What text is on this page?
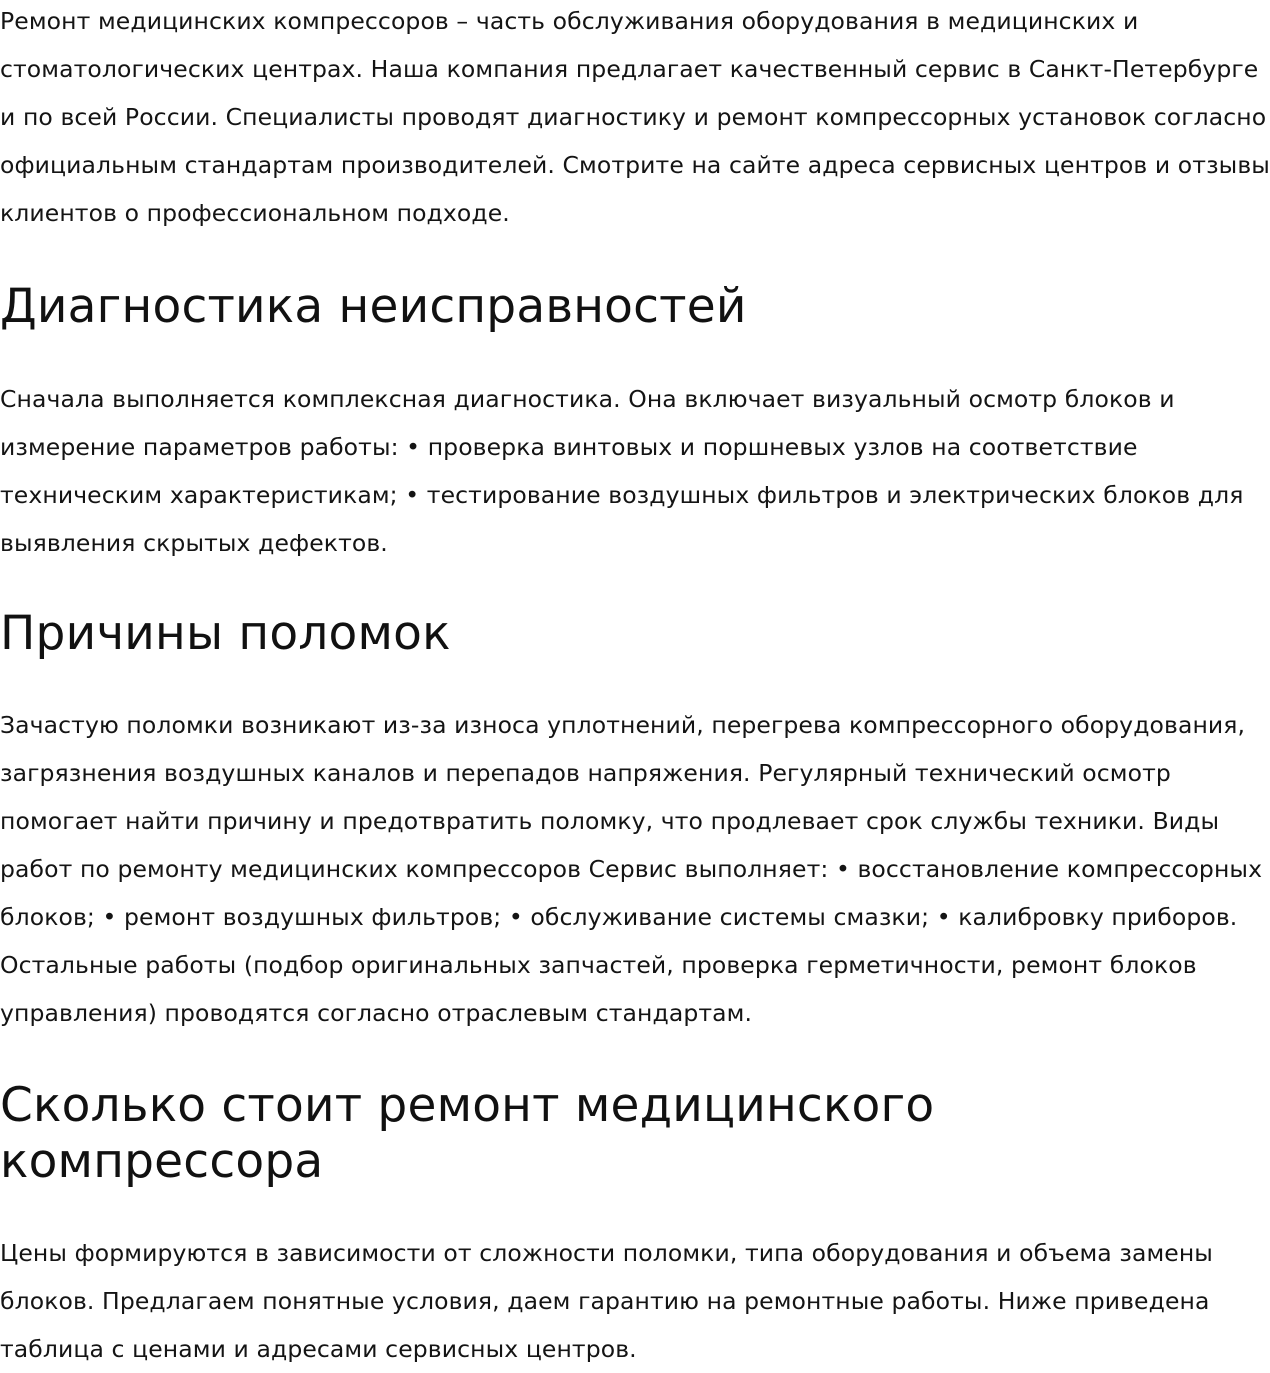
Ремонт медицинских компрессоров – часть обслуживания оборудования в медицинских и стоматологических центрах. Наша компания предлагает качественный сервис в Санкт-Петербурге и по всей России. Специалисты проводят диагностику и ремонт компрессорных установок согласно официальным стандартам производителей. Смотрите на сайте адреса сервисных центров и отзывы клиентов о профессиональном подходе.

Диагностика неисправностей

Сначала выполняется комплексная диагностика. Она включает визуальный осмотр блоков и измерение параметров работы: • проверка винтовых и поршневых узлов на соответствие техническим характеристикам; • тестирование воздушных фильтров и электрических блоков для выявления скрытых дефектов.

Причины поломок

Зачастую поломки возникают из-за износа уплотнений, перегрева компрессорного оборудования, загрязнения воздушных каналов и перепадов напряжения. Регулярный технический осмотр помогает найти причину и предотвратить поломку, что продлевает срок службы техники. Виды работ по ремонту медицинских компрессоров Сервис выполняет: • восстановление компрессорных блоков; • ремонт воздушных фильтров; • обслуживание системы смазки; • калибровку приборов. Остальные работы (подбор оригинальных запчастей, проверка герметичности, ремонт блоков управления) проводятся согласно отраслевым стандартам.

Сколько стоит ремонт медицинского компрессора

Цены формируются в зависимости от сложности поломки, типа оборудования и объема замены блоков. Предлагаем понятные условия, даем гарантию на ремонтные работы. Ниже приведена таблица с ценами и адресами сервисных центров.
